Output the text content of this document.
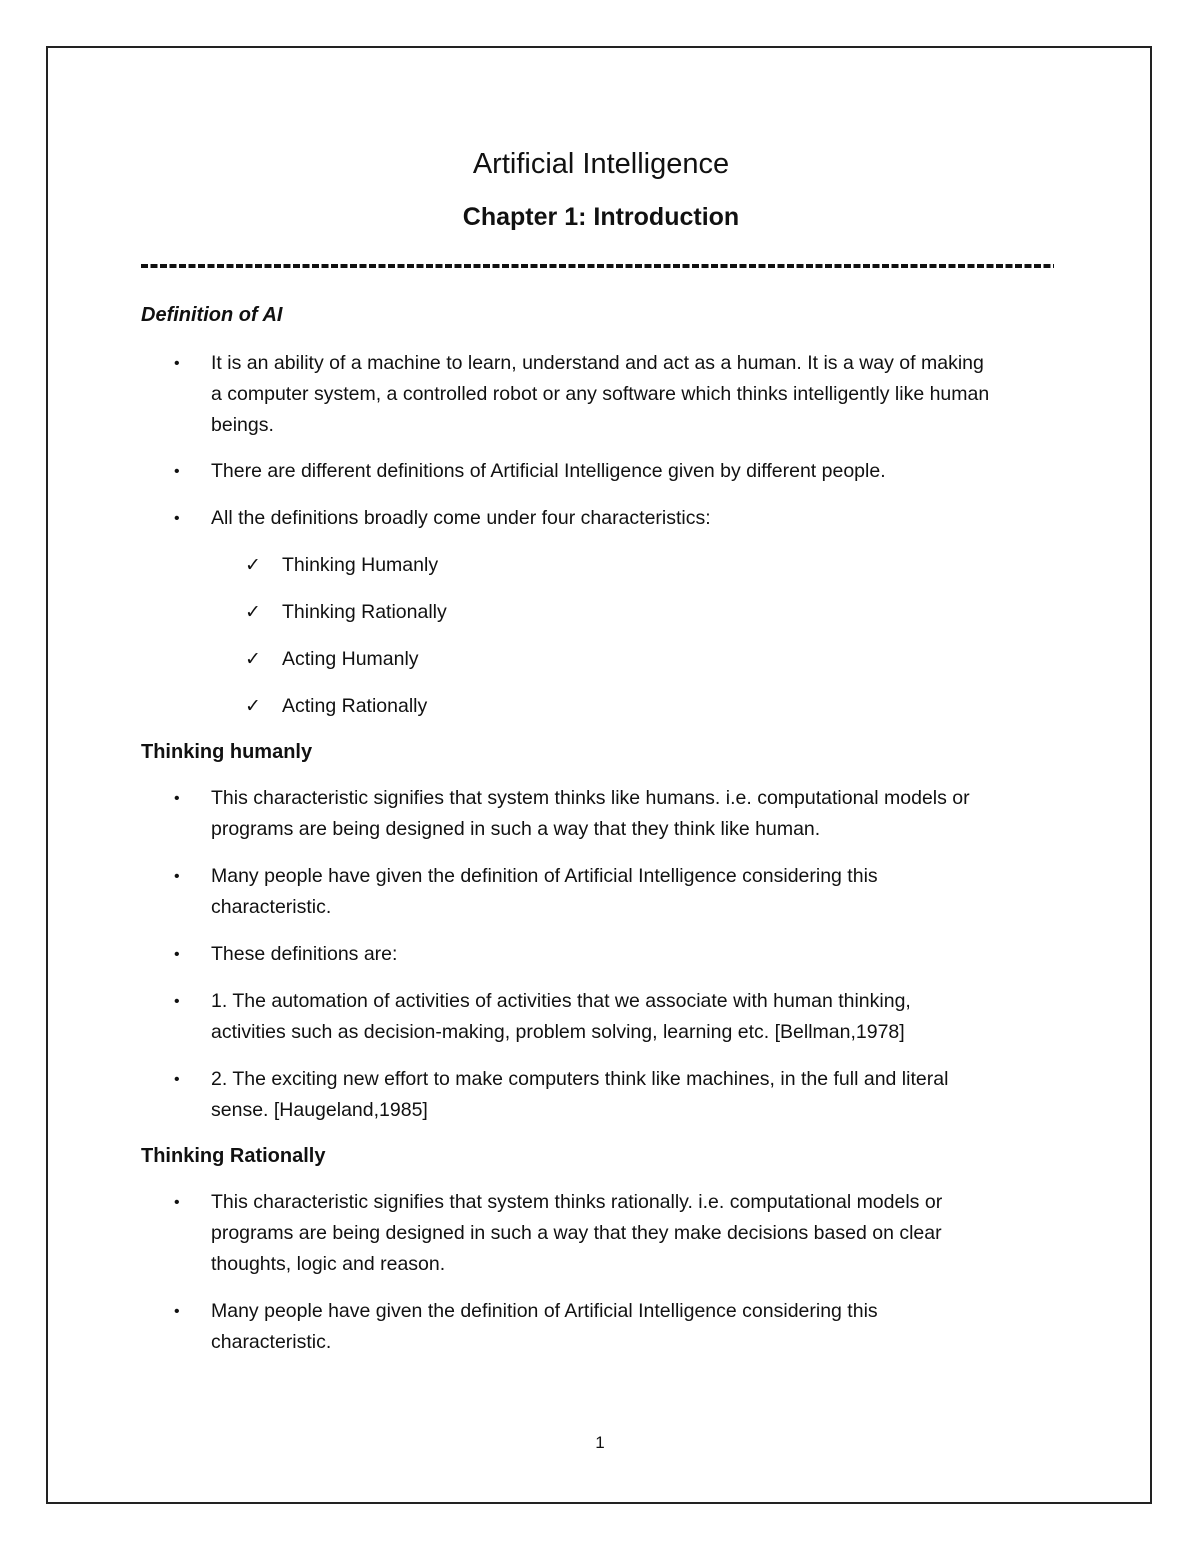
Artificial Intelligence
Chapter 1: Introduction
Definition of AI
• It is an ability of a machine to learn, understand and act as a human. It is a way of making a computer system, a controlled robot or any software which thinks intelligently like human beings.
• There are different definitions of Artificial Intelligence given by different people.
• All the definitions broadly come under four characteristics:
✓ Thinking Humanly
✓ Thinking Rationally
✓ Acting Humanly
✓ Acting Rationally
Thinking humanly
• This characteristic signifies that system thinks like humans. i.e. computational models or programs are being designed in such a way that they think like human.
• Many people have given the definition of Artificial Intelligence considering this characteristic.
• These definitions are:
• 1. The automation of activities of activities that we associate with human thinking, activities such as decision-making, problem solving, learning etc. [Bellman,1978]
• 2. The exciting new effort to make computers think like machines, in the full and literal sense. [Haugeland,1985]
Thinking Rationally
• This characteristic signifies that system thinks rationally. i.e. computational models or programs are being designed in such a way that they make decisions based on clear thoughts, logic and reason.
• Many people have given the definition of Artificial Intelligence considering this characteristic.
1
